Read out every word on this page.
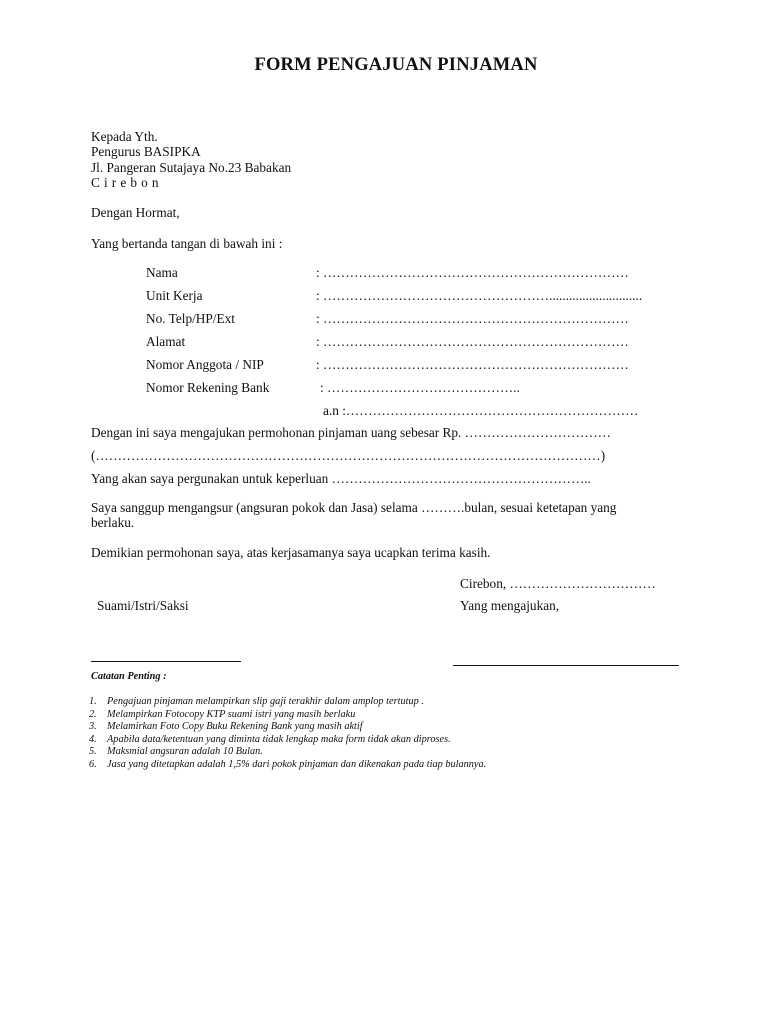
FORM PENGAJUAN PINJAMAN
Kepada Yth.
Pengurus BASIPKA
Jl. Pangeran Sutajaya No.23 Babakan
C i r e b o n
Dengan Hormat,
Yang bertanda tangan di bawah ini :
Nama	: ……………………………………………………………
Unit Kerja	: ……………………………………………............................
No. Telp/HP/Ext	: ……………………………………………………………
Alamat	: ……………………………………………………………
Nomor Anggota / NIP	: ……………………………………………………………
Nomor Rekening Bank	: ……………………………………..
a.n :…………………………………………………………
Dengan ini saya mengajukan permohonan pinjaman uang sebesar Rp. ……………………………
(……………………………………………………………………………………………………)
Yang akan saya pergunakan untuk keperluan …………………………………………………..
Saya sanggup mengangsur (angsuran pokok dan Jasa) selama ……….bulan, sesuai ketetapan yang
berlaku.
Demikian permohonan saya, atas kerjasamanya saya ucapkan terima kasih.
Cirebon, ……………………………
Yang mengajukan,
Suami/Istri/Saksi
Catatan Penting :
1. Pengajuan pinjaman melampirkan slip gaji terakhir dalam amplop tertutup .
2. Melampirkan Fotocopy KTP suami istri yang masih berlaku
3. Melamirkan Foto Copy Buku Rekening Bank yang masih aktif
4. Apabila data/ketentuan yang diminta tidak lengkap maka form tidak akan diproses.
5. Maksmial angsuran adalah 10 Bulan.
6. Jasa yang ditetapkan adalah 1,5% dari pokok pinjaman dan dikenakan pada tiap bulannya.
